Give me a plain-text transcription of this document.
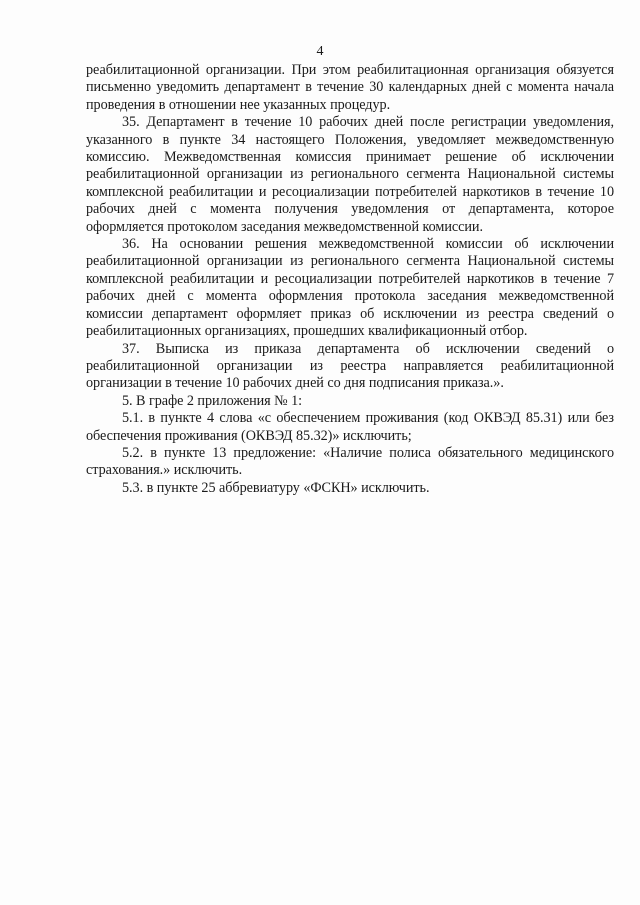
4

реабилитационной организации. При этом реабилитационная организация обязуется письменно уведомить департамент в течение 30 календарных дней с момента начала проведения в отношении нее указанных процедур.

35. Департамент в течение 10 рабочих дней после регистрации уведомления, указанного в пункте 34 настоящего Положения, уведомляет межведомственную комиссию. Межведомственная комиссия принимает решение об исключении реабилитационной организации из регионального сегмента Национальной системы комплексной реабилитации и ресоциализации потребителей наркотиков в течение 10 рабочих дней с момента получения уведомления от департамента, которое оформляется протоколом заседания межведомственной комиссии.

36. На основании решения межведомственной комиссии об исключении реабилитационной организации из регионального сегмента Национальной системы комплексной реабилитации и ресоциализации потребителей наркотиков в течение 7 рабочих дней с момента оформления протокола заседания межведомственной комиссии департамент оформляет приказ об исключении из реестра сведений о реабилитационных организациях, прошедших квалификационный отбор.

37. Выписка из приказа департамента об исключении сведений о реабилитационной организации из реестра направляется реабилитационной организации в течение 10 рабочих дней со дня подписания приказа.».

5. В графе 2 приложения № 1:

5.1. в пункте 4 слова «с обеспечением проживания (код ОКВЭД 85.31) или без обеспечения проживания (ОКВЭД 85.32)» исключить;

5.2. в пункте 13 предложение: «Наличие полиса обязательного медицинского страхования.» исключить.

5.3. в пункте 25 аббревиатуру «ФСКН» исключить.
